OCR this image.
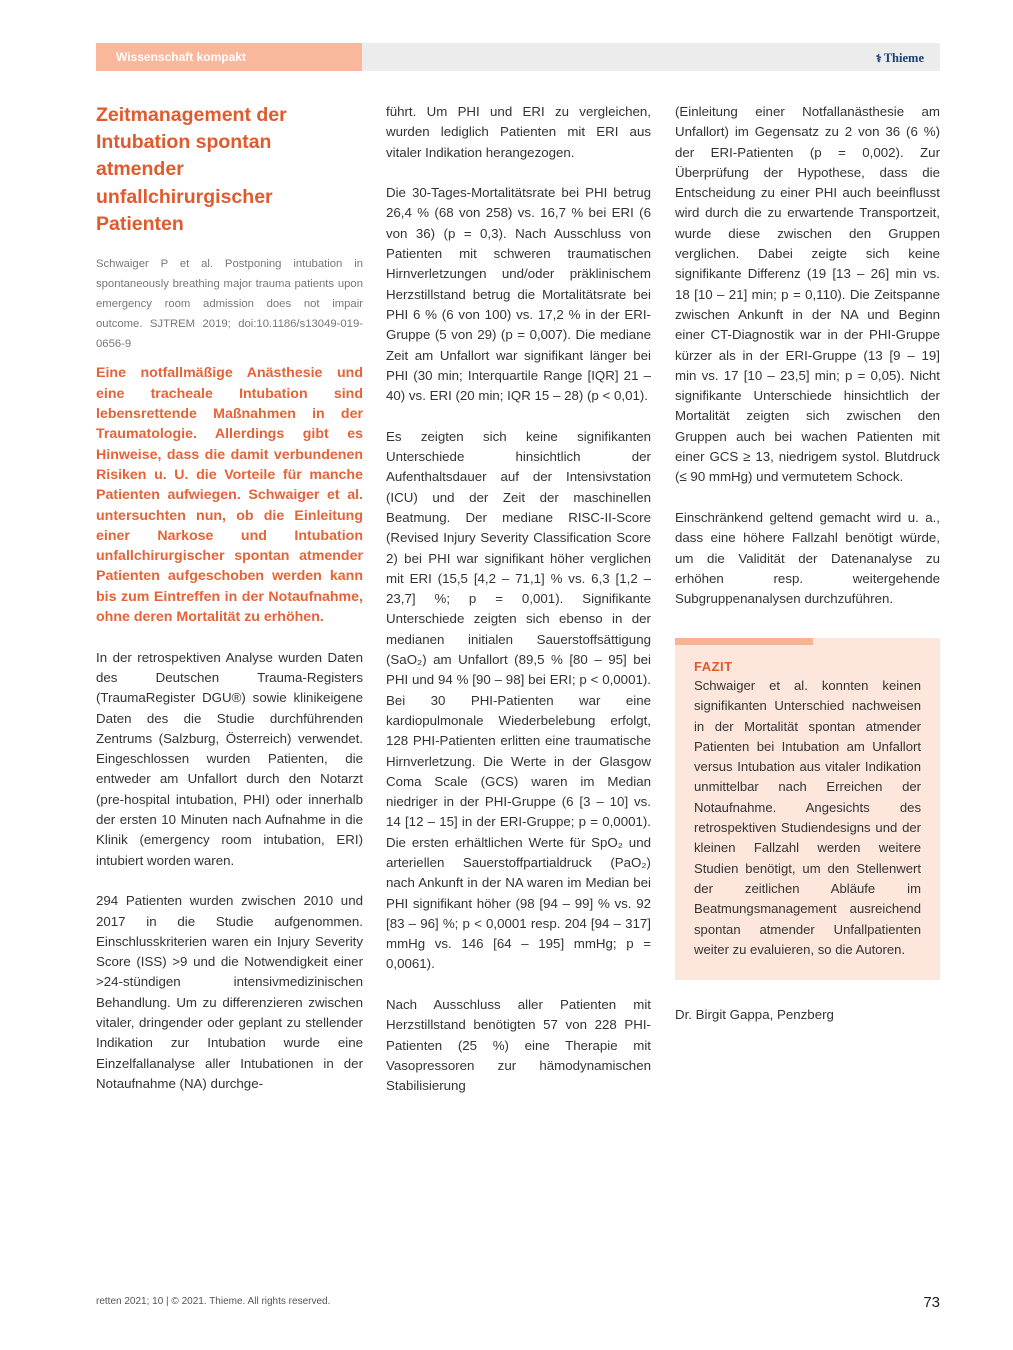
Wissenschaft kompakt	⚕ Thieme
Zeitmanagement der Intubation spontan atmender unfallchirurgischer Patienten

Schwaiger P et al. Postponing intubation in spontaneously breathing major trauma patients upon emergency room admission does not impair outcome. SJTREM 2019; doi:10.1186/s13049-019-0656-9

Eine notfallmäßige Anästhesie und eine tracheale Intubation sind lebensrettende Maßnahmen in der Traumatologie. Allerdings gibt es Hinweise, dass die damit verbundenen Risiken u. U. die Vorteile für manche Patienten aufwiegen. Schwaiger et al. untersuchten nun, ob die Einleitung einer Narkose und Intubation unfallchirurgischer spontan atmender Patienten aufgeschoben werden kann bis zum Eintreffen in der Notaufnahme, ohne deren Mortalität zu erhöhen.

In der retrospektiven Analyse wurden Daten des Deutschen Trauma-Registers (TraumaRegister DGU®) sowie klinikeigene Daten des die Studie durchführenden Zentrums (Salzburg, Österreich) verwendet. Eingeschlossen wurden Patienten, die entweder am Unfallort durch den Notarzt (pre-hospital intubation, PHI) oder innerhalb der ersten 10 Minuten nach Aufnahme in die Klinik (emergency room intubation, ERI) intubiert worden waren.

294 Patienten wurden zwischen 2010 und 2017 in die Studie aufgenommen. Einschlusskriterien waren ein Injury Severity Score (ISS) >9 und die Notwendigkeit einer >24-stündigen intensivmedizinischen Behandlung. Um zu differenzieren zwischen vitaler, dringender oder geplant zu stellender Indikation zur Intubation wurde eine Einzelfallanalyse aller Intubationen in der Notaufnahme (NA) durchge-

führt. Um PHI und ERI zu vergleichen, wurden lediglich Patienten mit ERI aus vitaler Indikation herangezogen.

Die 30-Tages-Mortalitätsrate bei PHI betrug 26,4 % (68 von 258) vs. 16,7 % bei ERI (6 von 36) (p = 0,3). Nach Ausschluss von Patienten mit schweren traumatischen Hirnverletzungen und/oder präklinischem Herzstillstand betrug die Mortalitätsrate bei PHI 6 % (6 von 100) vs. 17,2 % in der ERI-Gruppe (5 von 29) (p = 0,007). Die mediane Zeit am Unfallort war signifikant länger bei PHI (30 min; Interquartile Range [IQR] 21 – 40) vs. ERI (20 min; IQR 15 – 28) (p < 0,01).

Es zeigten sich keine signifikanten Unterschiede hinsichtlich der Aufenthaltsdauer auf der Intensivstation (ICU) und der Zeit der maschinellen Beatmung. Der mediane RISC-II-Score (Revised Injury Severity Classification Score 2) bei PHI war signifikant höher verglichen mit ERI (15,5 [4,2 – 71,1] % vs. 6,3 [1,2 – 23,7] %; p = 0,001). Signifikante Unterschiede zeigten sich ebenso in der medianen initialen Sauerstoffsättigung (SaO₂) am Unfallort (89,5 % [80 – 95] bei PHI und 94 % [90 – 98] bei ERI; p < 0,0001). Bei 30 PHI-Patienten war eine kardiopulmonale Wiederbelebung erfolgt, 128 PHI-Patienten erlitten eine traumatische Hirnverletzung. Die Werte in der Glasgow Coma Scale (GCS) waren im Median niedriger in der PHI-Gruppe (6 [3 – 10] vs. 14 [12 – 15] in der ERI-Gruppe; p = 0,0001). Die ersten erhältlichen Werte für SpO₂ und arteriellen Sauerstoffpartialdruck (PaO₂) nach Ankunft in der NA waren im Median bei PHI signifikant höher (98 [94 – 99] % vs. 92 [83 – 96] %; p < 0,0001 resp. 204 [94 – 317] mmHg vs. 146 [64 – 195] mmHg; p = 0,0061).

Nach Ausschluss aller Patienten mit Herzstillstand benötigten 57 von 228 PHI-Patienten (25 %) eine Therapie mit Vasopressoren zur hämodynamischen Stabilisierung

(Einleitung einer Notfallanästhesie am Unfallort) im Gegensatz zu 2 von 36 (6 %) der ERI-Patienten (p = 0,002). Zur Überprüfung der Hypothese, dass die Entscheidung zu einer PHI auch beeinflusst wird durch die zu erwartende Transportzeit, wurde diese zwischen den Gruppen verglichen. Dabei zeigte sich keine signifikante Differenz (19 [13 – 26] min vs. 18 [10 – 21] min; p = 0,110). Die Zeitspanne zwischen Ankunft in der NA und Beginn einer CT-Diagnostik war in der PHI-Gruppe kürzer als in der ERI-Gruppe (13 [9 – 19] min vs. 17 [10 – 23,5] min; p = 0,05). Nicht signifikante Unterschiede hinsichtlich der Mortalität zeigten sich zwischen den Gruppen auch bei wachen Patienten mit einer GCS ≥ 13, niedrigem systol. Blutdruck (≤ 90 mmHg) und vermutetem Schock.

Einschränkend geltend gemacht wird u. a., dass eine höhere Fallzahl benötigt würde, um die Validität der Datenanalyse zu erhöhen resp. weitergehende Subgruppenanalysen durchzuführen.

FAZIT

Schwaiger et al. konnten keinen signifikanten Unterschied nachweisen in der Mortalität spontan atmender Patienten bei Intubation am Unfallort versus Intubation aus vitaler Indikation unmittelbar nach Erreichen der Notaufnahme. Angesichts des retrospektiven Studiendesigns und der kleinen Fallzahl werden weitere Studien benötigt, um den Stellenwert der zeitlichen Abläufe im Beatmungsmanagement ausreichend spontan atmender Unfallpatienten weiter zu evaluieren, so die Autoren.

Dr. Birgit Gappa, Penzberg
retten 2021; 10 | © 2021. Thieme. All rights reserved.	73
